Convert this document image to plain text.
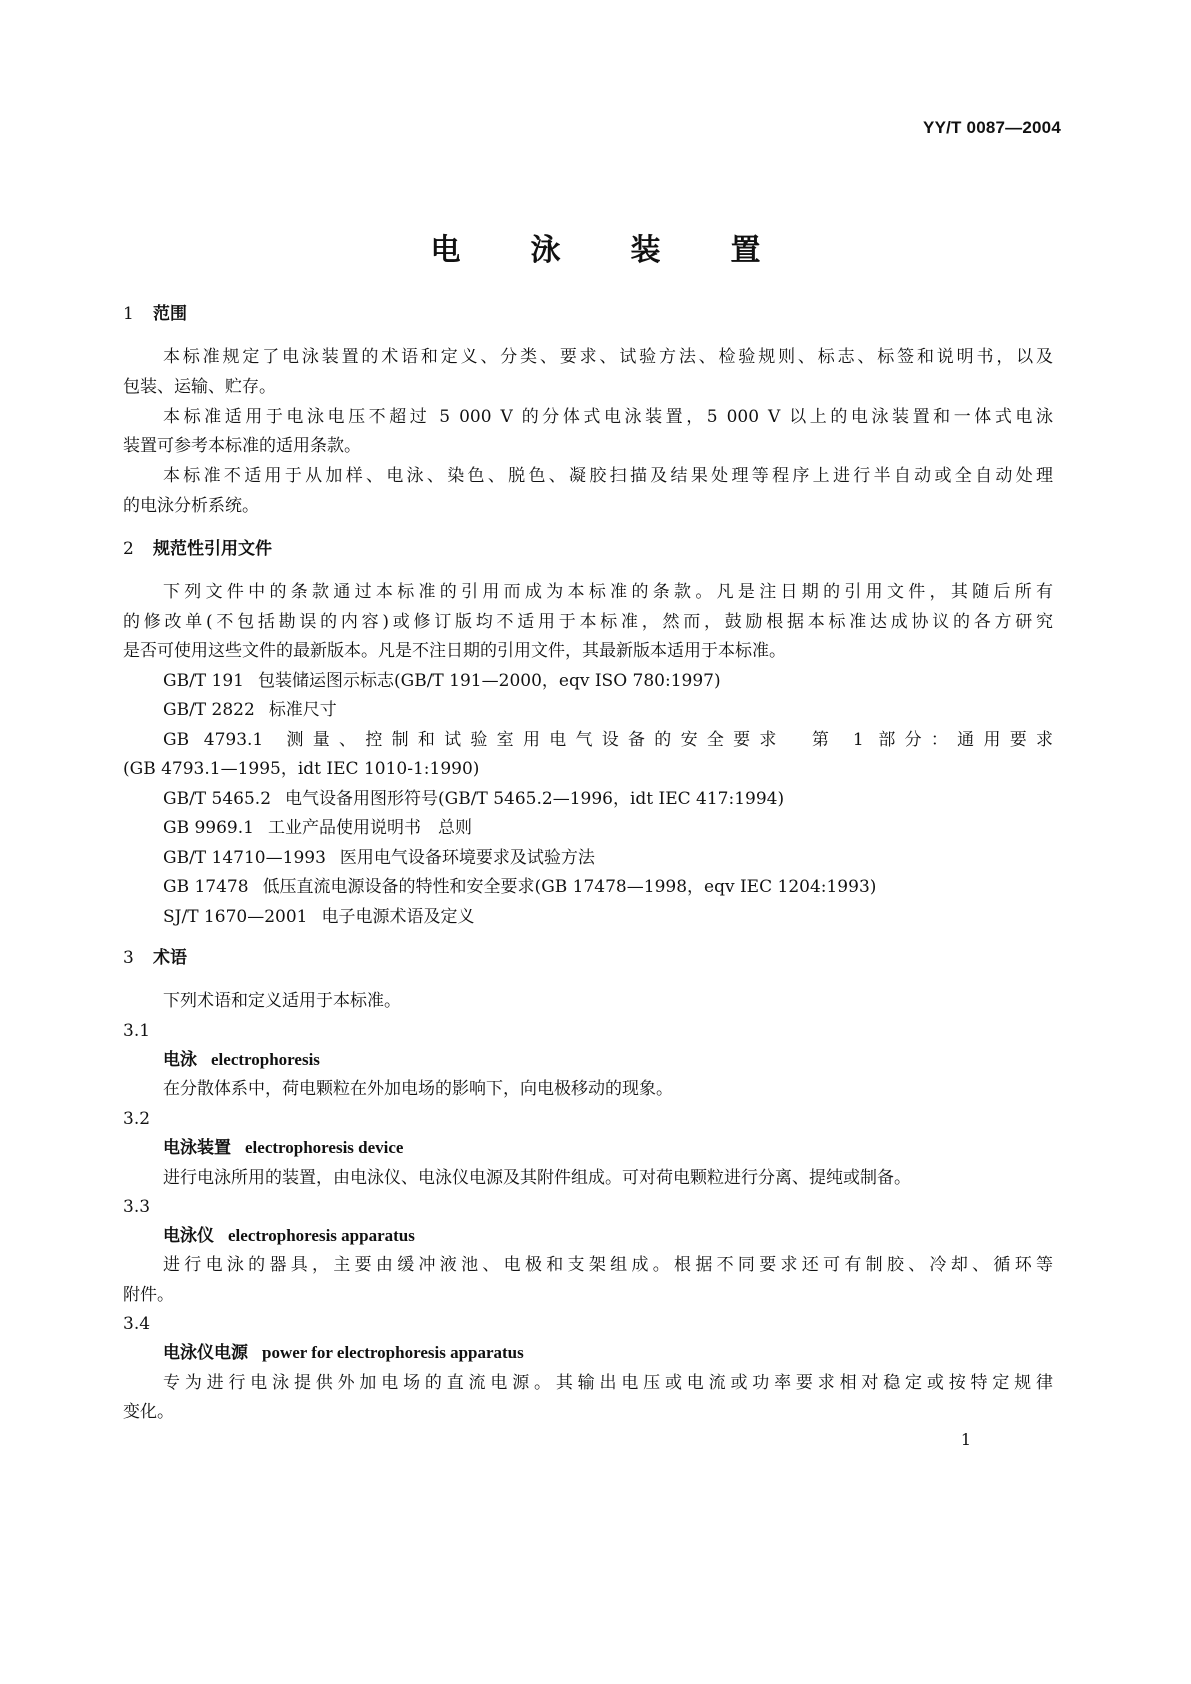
YY/T 0087—2004
电 泳 装 置
1 范围
本标准规定了电泳装置的术语和定义、分类、要求、试验方法、检验规则、标志、标签和说明书，以及
包装、运输、贮存。
本标准适用于电泳电压不超过 5 000 V 的分体式电泳装置，5 000 V 以上的电泳装置和一体式电泳
装置可参考本标准的适用条款。
本标准不适用于从加样、电泳、染色、脱色、凝胶扫描及结果处理等程序上进行半自动或全自动处理
的电泳分析系统。
2 规范性引用文件
下列文件中的条款通过本标准的引用而成为本标准的条款。凡是注日期的引用文件，其随后所有
的修改单(不包括勘误的内容)或修订版均不适用于本标准，然而，鼓励根据本标准达成协议的各方研究
是否可使用这些文件的最新版本。凡是不注日期的引用文件，其最新版本适用于本标准。
GB/T 191 包装储运图示标志(GB/T 191—2000，eqv ISO 780:1997)
GB/T 2822 标准尺寸
GB 4793.1 测量、控制和试验室用电气设备的安全要求　第 1 部分：通用要求
(GB 4793.1—1995，idt IEC 1010-1:1990)
GB/T 5465.2 电气设备用图形符号(GB/T 5465.2—1996，idt IEC 417:1994)
GB 9969.1 工业产品使用说明书　总则
GB/T 14710—1993 医用电气设备环境要求及试验方法
GB 17478 低压直流电源设备的特性和安全要求(GB 17478—1998，eqv IEC 1204:1993)
SJ/T 1670—2001 电子电源术语及定义
3 术语
下列术语和定义适用于本标准。
3.1
电泳 electrophoresis
在分散体系中，荷电颗粒在外加电场的影响下，向电极移动的现象。
3.2
电泳装置 electrophoresis device
进行电泳所用的装置，由电泳仪、电泳仪电源及其附件组成。可对荷电颗粒进行分离、提纯或制备。
3.3
电泳仪 electrophoresis apparatus
进行电泳的器具，主要由缓冲液池、电极和支架组成。根据不同要求还可有制胶、冷却、循环等
附件。
3.4
电泳仪电源 power for electrophoresis apparatus
专为进行电泳提供外加电场的直流电源。其输出电压或电流或功率要求相对稳定或按特定规律
变化。
1
